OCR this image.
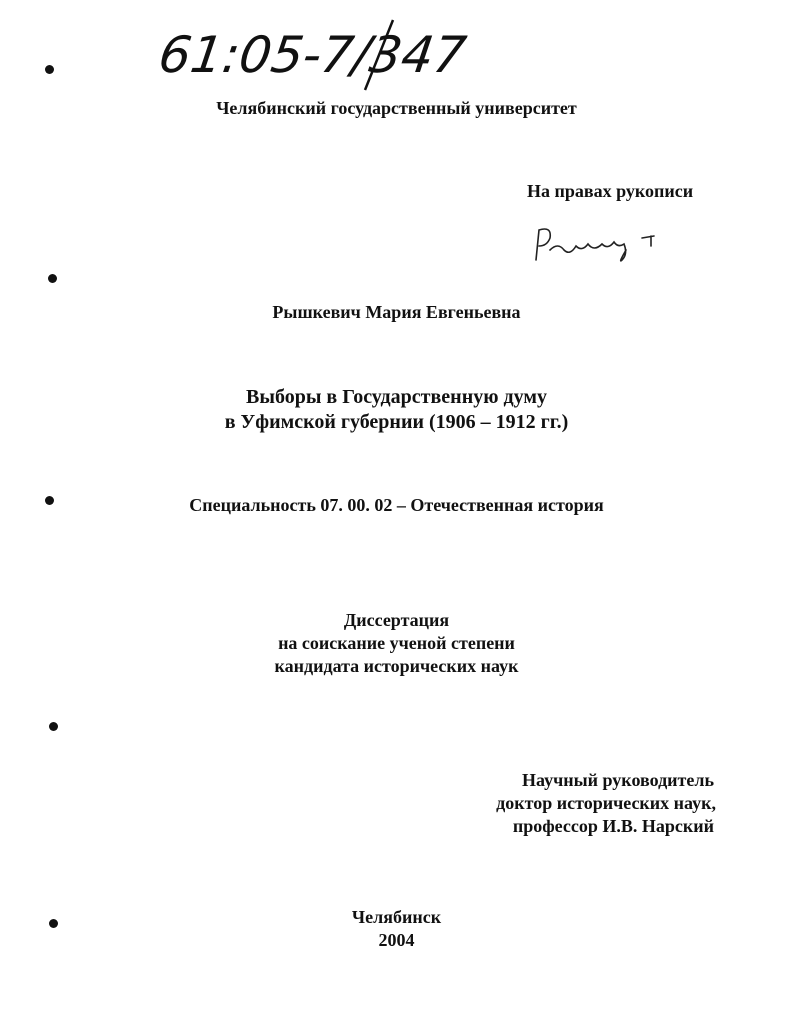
61:05-7/347
Челябинский государственный университет
На правах рукописи
Рышкевич Мария Евгеньевна
Выборы в Государственную думу
в Уфимской губернии (1906 – 1912 гг.)
Специальность 07. 00. 02 – Отечественная история
Диссертация
на соискание ученой степени
кандидата исторических наук
Научный руководитель
доктор исторических наук,
профессор И.В. Нарский
Челябинск
2004
